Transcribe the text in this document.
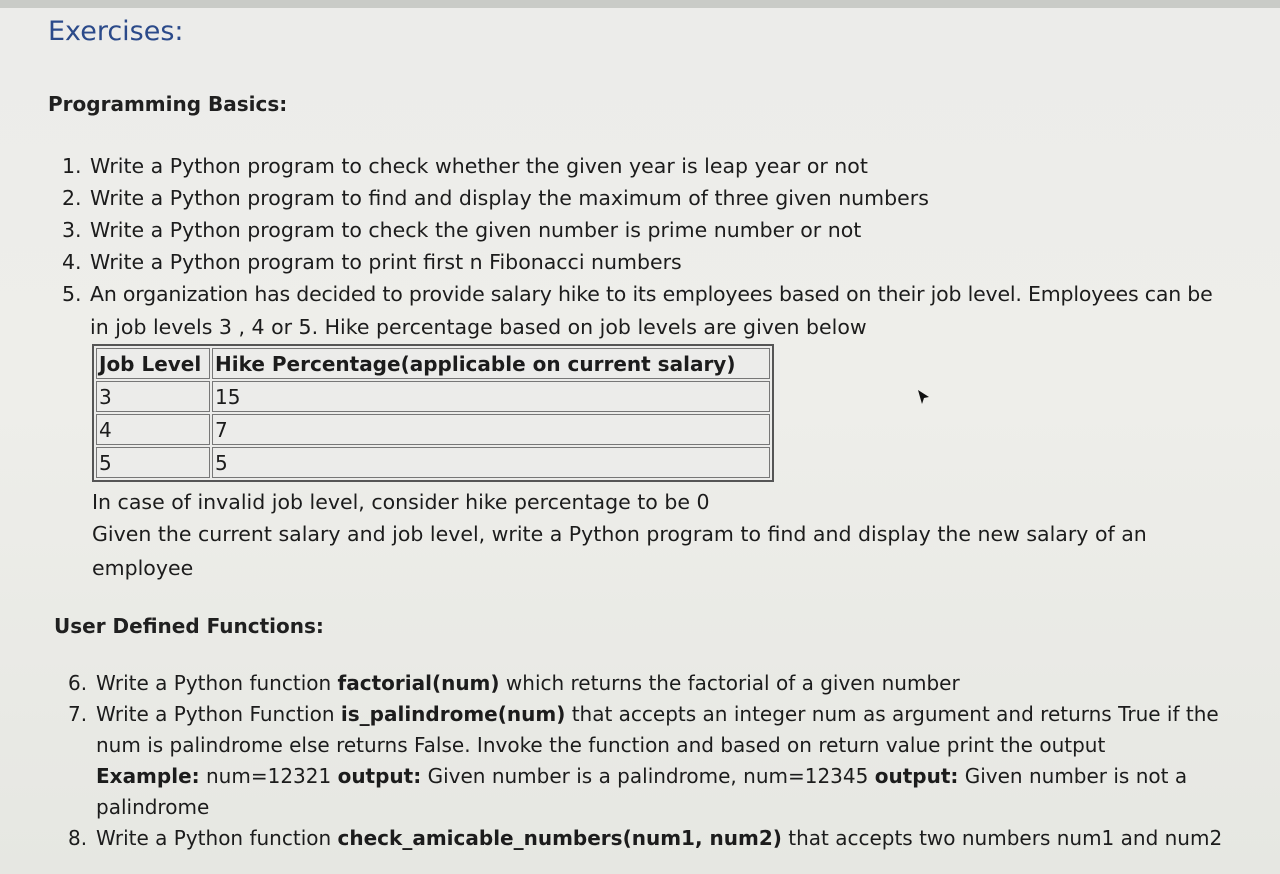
Exercises:
Programming Basics:
1. Write a Python program to check whether the given year is leap year or not
2. Write a Python program to find and display the maximum of three given numbers
3. Write a Python program to check the given number is prime number or not
4. Write a Python program to print first n Fibonacci numbers
5. An organization has decided to provide salary hike to its employees based on their job level. Employees can be
in job levels 3 , 4 or 5. Hike percentage based on job levels are given below
Job Level	Hike Percentage(applicable on current salary)
3	15
4	7
5	5
In case of invalid job level, consider hike percentage to be 0
Given the current salary and job level, write a Python program to find and display the new salary of an
employee
User Defined Functions:
6. Write a Python function factorial(num) which returns the factorial of a given number
7. Write a Python Function is_palindrome(num) that accepts an integer num as argument and returns True if the
num is palindrome else returns False. Invoke the function and based on return value print the output
Example: num=12321 output: Given number is a palindrome, num=12345 output: Given number is not a
palindrome
8. Write a Python function check_amicable_numbers(num1, num2) that accepts two numbers num1 and num2
